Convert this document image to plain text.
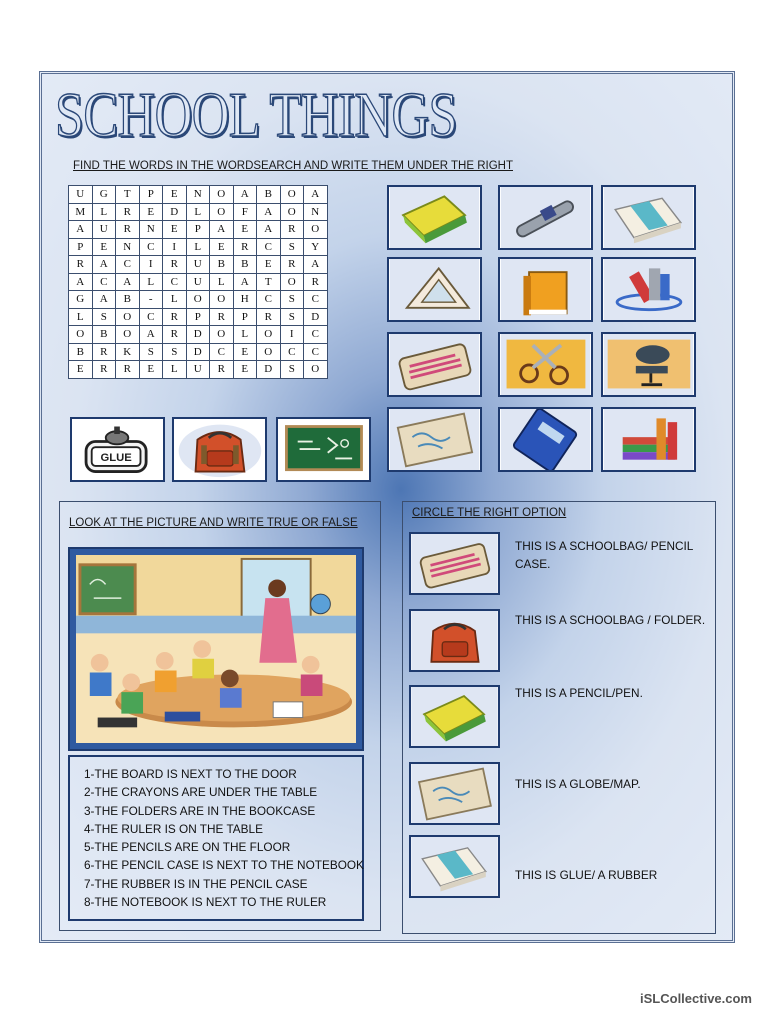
SCHOOL THINGS
FIND THE WORDS IN THE WORDSEARCH AND WRITE THEM UNDER THE RIGHT
U	G	T	P	E	N	O	A	B	O	A
M	L	R	E	D	L	O	F	A	O	N
A	U	R	N	E	P	A	E	A	R	O
P	E	N	C	I	L	E	R	C	S	Y
R	A	C	I	R	U	B	B	E	R	A
A	C	A	L	C	U	L	A	T	O	R
G	A	B	-	L	O	O	H	C	S	C
L	S	O	C	R	P	R	P	R	S	D
O	B	O	A	R	D	O	L	O	I	C
B	R	K	S	S	D	C	E	O	C	C
E	R	R	E	L	U	R	E	D	S	O
GLUE
LOOK AT THE PICTURE AND WRITE TRUE OR FALSE
1-THE BOARD IS NEXT TO THE DOOR
2-THE CRAYONS ARE UNDER THE TABLE
3-THE FOLDERS ARE IN THE BOOKCASE
4-THE RULER IS ON THE TABLE
5-THE PENCILS ARE ON THE FLOOR
6-THE PENCIL CASE IS NEXT TO THE NOTEBOOK
7-THE RUBBER IS IN THE PENCIL CASE
8-THE NOTEBOOK IS NEXT TO THE RULER
CIRCLE THE RIGHT OPTION
THIS IS A SCHOOLBAG/ PENCIL CASE.
THIS IS A SCHOOLBAG / FOLDER.
THIS IS A PENCIL/PEN.
THIS IS A GLOBE/MAP.
THIS IS GLUE/ A RUBBER
iSLCollective.com
